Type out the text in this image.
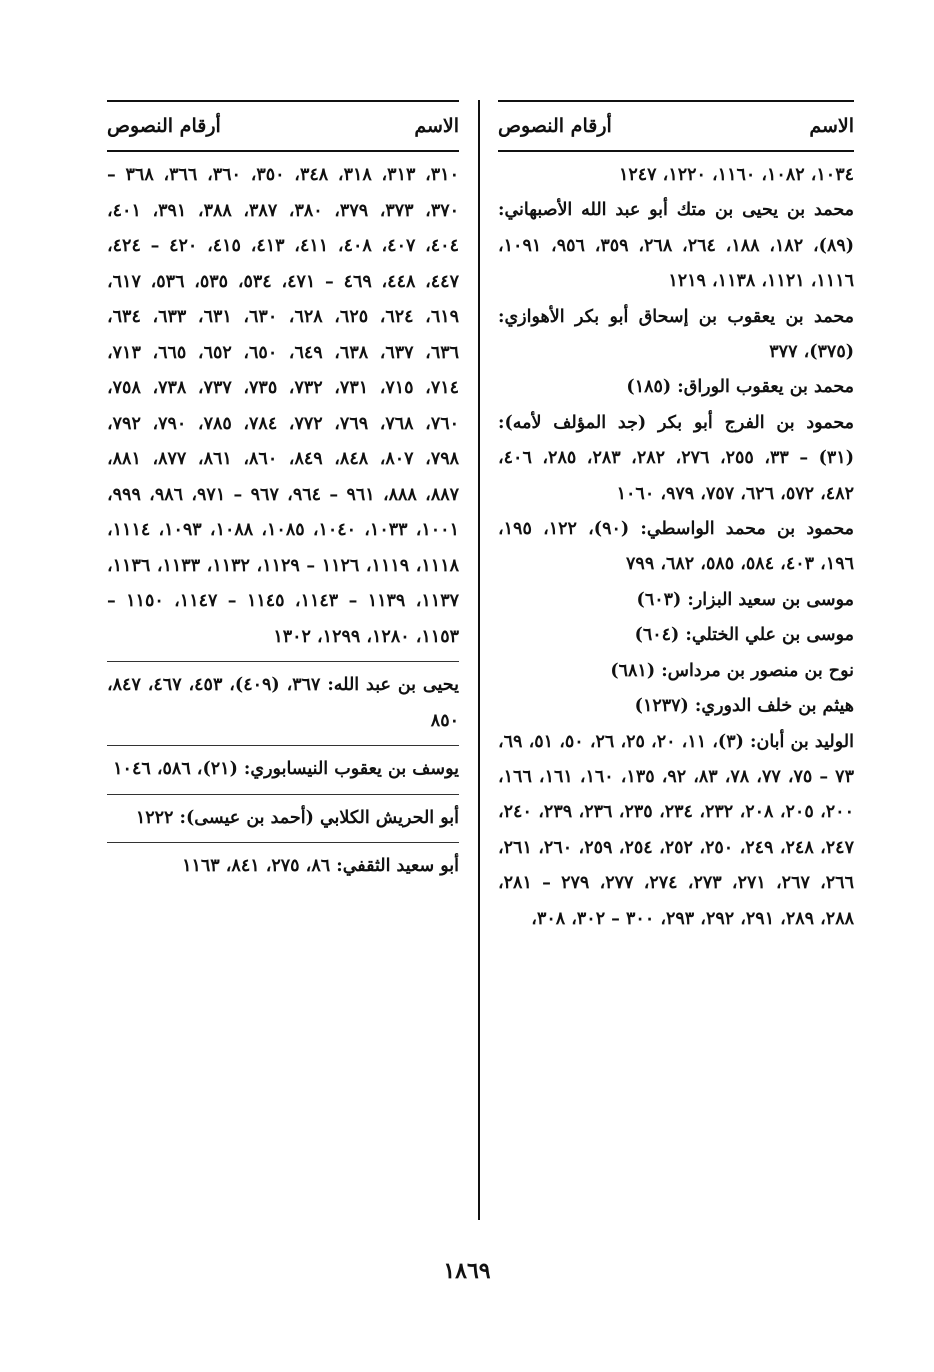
الاسم
أرقام النصوص

١٠٣٤، ١٠٨٢، ١١٦٠، ١٢٢٠، ١٢٤٧

محمد بن يحيى بن متك أبو عبد الله الأصبهاني: (٨٩)، ١٨٢، ١٨٨، ٢٦٤، ٢٦٨، ٣٥٩، ٩٥٦، ١٠٩١، ١١١٦، ١١٢١، ١١٣٨، ١٢١٩

محمد بن يعقوب بن إسحاق أبو بكر الأهوازي: (٣٧٥)، ٣٧٧

محمد بن يعقوب الوراق: (١٨٥)

محمود بن الفرج أبو بكر (جد المؤلف لأمه): (٣١) – ٣٣، ٢٥٥، ٢٧٦، ٢٨٢، ٢٨٣، ٢٨٥، ٤٠٦، ٤٨٢، ٥٧٢، ٦٢٦، ٧٥٧، ٩٧٩، ١٠٦٠

محمود بن محمد الواسطي: (٩٠)، ١٢٢، ١٩٥، ١٩٦، ٤٠٣، ٥٨٤، ٥٨٥، ٦٨٢، ٧٩٩

موسى بن سعيد البزار: (٦٠٣)

موسى بن علي الختلي: (٦٠٤)

نوح بن منصور بن مرداس: (٦٨١)

هيثم بن خلف الدوري: (١٢٣٧)

الوليد بن أبان: (٣)، ١١، ٢٠، ٢٥، ٢٦، ٥٠، ٥١، ٦٩، ٧٣ – ٧٥، ٧٧، ٧٨، ٨٣، ٩٢، ١٣٥، ١٦٠، ١٦١، ١٦٦، ٢٠٠، ٢٠٥، ٢٠٨، ٢٣٢، ٢٣٤، ٢٣٥، ٢٣٦، ٢٣٩، ٢٤٠، ٢٤٧، ٢٤٨، ٢٤٩، ٢٥٠، ٢٥٢، ٢٥٤، ٢٥٩، ٢٦٠، ٢٦١، ٢٦٦، ٢٦٧، ٢٧١، ٢٧٣، ٢٧٤، ٢٧٧، ٢٧٩ – ٢٨١، ٢٨٨، ٢٨٩، ٢٩١، ٢٩٢، ٢٩٣، ٣٠٠ – ٣٠٢، ٣٠٨،

الاسم
أرقام النصوص

٣١٠، ٣١٣، ٣١٨، ٣٤٨، ٣٥٠، ٣٦٠، ٣٦٦، ٣٦٨ – ٣٧٠، ٣٧٣، ٣٧٩، ٣٨٠، ٣٨٧، ٣٨٨، ٣٩١، ٤٠١، ٤٠٤، ٤٠٧، ٤٠٨، ٤١١، ٤١٣، ٤١٥، ٤٢٠ – ٤٢٤، ٤٤٧، ٤٤٨، ٤٦٩ – ٤٧١، ٥٣٤، ٥٣٥، ٥٣٦، ٦١٧، ٦١٩، ٦٢٤، ٦٢٥، ٦٢٨، ٦٣٠، ٦٣١، ٦٣٣، ٦٣٤، ٦٣٦، ٦٣٧، ٦٣٨، ٦٤٩، ٦٥٠، ٦٥٢، ٦٦٥، ٧١٣، ٧١٤، ٧١٥، ٧٣١، ٧٣٢، ٧٣٥، ٧٣٧، ٧٣٨، ٧٥٨، ٧٦٠، ٧٦٨، ٧٦٩، ٧٧٢، ٧٨٤، ٧٨٥، ٧٩٠، ٧٩٢، ٧٩٨، ٨٠٧، ٨٤٨، ٨٤٩، ٨٦٠، ٨٦١، ٨٧٧، ٨٨١، ٨٨٧، ٨٨٨، ٩٦١ – ٩٦٤، ٩٦٧ – ٩٧١، ٩٨٦، ٩٩٩، ١٠٠١، ١٠٣٣، ١٠٤٠، ١٠٨٥، ١٠٨٨، ١٠٩٣، ١١١٤، ١١١٨، ١١١٩، ١١٢٦ – ١١٢٩، ١١٣٢، ١١٣٣، ١١٣٦، ١١٣٧، ١١٣٩ – ١١٤٣، ١١٤٥ – ١١٤٧، ١١٥٠ – ١١٥٣، ١٢٨٠، ١٢٩٩، ١٣٠٢

يحيى بن عبد الله: ٣٦٧، (٤٠٩)، ٤٥٣، ٤٦٧، ٨٤٧، ٨٥٠

يوسف بن يعقوب النيسابوري: (٢١)، ٥٨٦، ١٠٤٦

أبو الحريش الكلابي (أحمد بن عيسى): ١٢٢٢

أبو سعيد الثقفي: ٨٦، ٢٧٥، ٨٤١، ١١٦٣

١٨٦٩
